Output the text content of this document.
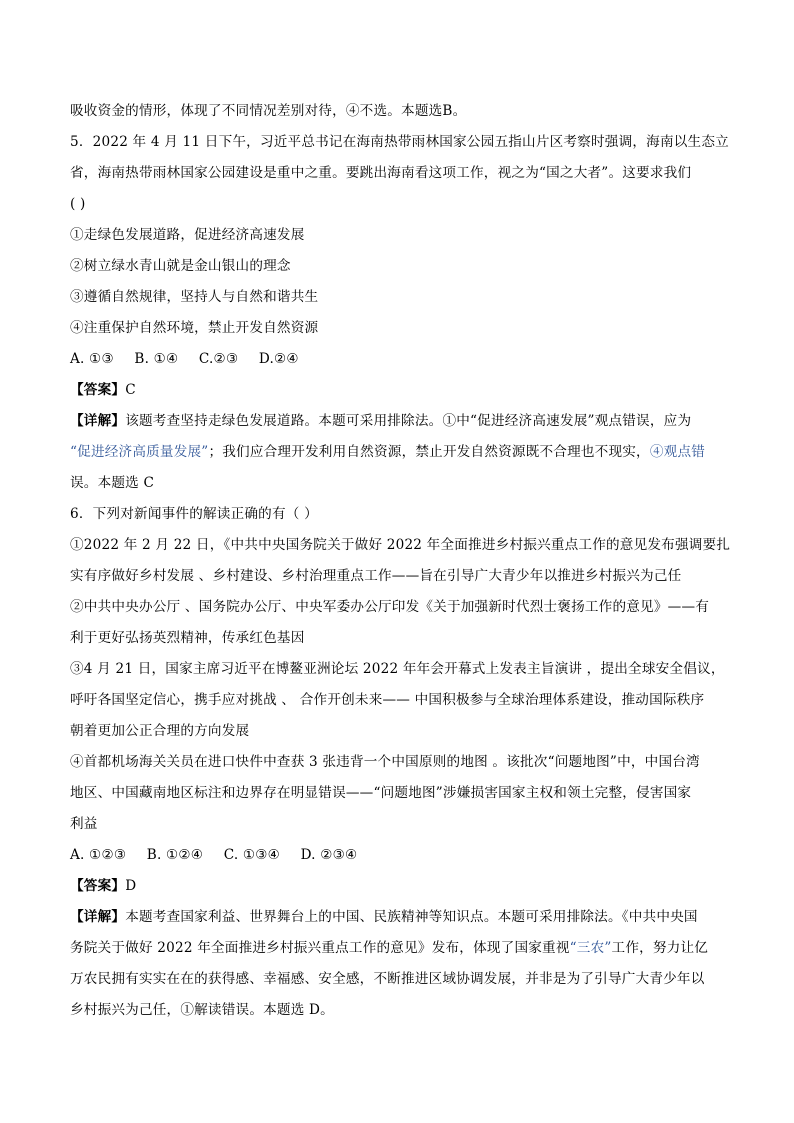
吸收资金的情形，体现了不同情况差别对待，④不选。本题选B。
5．2022 年 4 月 11 日下午，习近平总书记在海南热带雨林国家公园五指山片区考察时强调，海南以生态立
省，海南热带雨林国家公园建设是重中之重。要跳出海南看这项工作，视之为“国之大者”。这要求我们
( )
①走绿色发展道路，促进经济高速发展
②树立绿水青山就是金山银山的理念
③遵循自然规律，坚持人与自然和谐共生
④注重保护自然环境，禁止开发自然资源
A. ①③ B. ①④ C.②③ D.②④
【答案】C
【详解】该题考查坚持走绿色发展道路。本题可采用排除法。①中“促进经济高速发展”观点错误，应为
“促进经济高质量发展”；我们应合理开发利用自然资源，禁止开发自然资源既不合理也不现实，④观点错
误。本题选 C
6．下列对新闻事件的解读正确的有（ ）
①2022 年 2 月 22 日，《中共中央国务院关于做好 2022 年全面推进乡村振兴重点工作的意见发布强调要扎
实有序做好乡村发展 、乡村建设、乡村治理重点工作——旨在引导广大青少年以推进乡村振兴为己任
②中共中央办公厅 、国务院办公厅、中央军委办公厅印发《关于加强新时代烈士褒扬工作的意见》——有
利于更好弘扬英烈精神，传承红色基因
③4 月 21 日，国家主席习近平在博鳌亚洲论坛 2022 年年会开幕式上发表主旨演讲 ，提出全球安全倡议，
呼吁各国坚定信心，携手应对挑战 、 合作开创未来—— 中国积极参与全球治理体系建设，推动国际秩序
朝着更加公正合理的方向发展
④首都机场海关关员在进口快件中查获 3 张违背一个中国原则的地图 。该批次“问题地图”中，中国台湾
地区、中国藏南地区标注和边界存在明显错误——“问题地图”涉嫌损害国家主权和领土完整，侵害国家
利益
A. ①②③ B. ①②④ C. ①③④ D. ②③④
【答案】D
【详解】本题考查国家利益、世界舞台上的中国、民族精神等知识点。本题可采用排除法。《中共中央国
务院关于做好 2022 年全面推进乡村振兴重点工作的意见》发布，体现了国家重视“三农”工作，努力让亿
万农民拥有实实在在的获得感、幸福感、安全感，不断推进区域协调发展，并非是为了引导广大青少年以
乡村振兴为己任，①解读错误。本题选 D。
